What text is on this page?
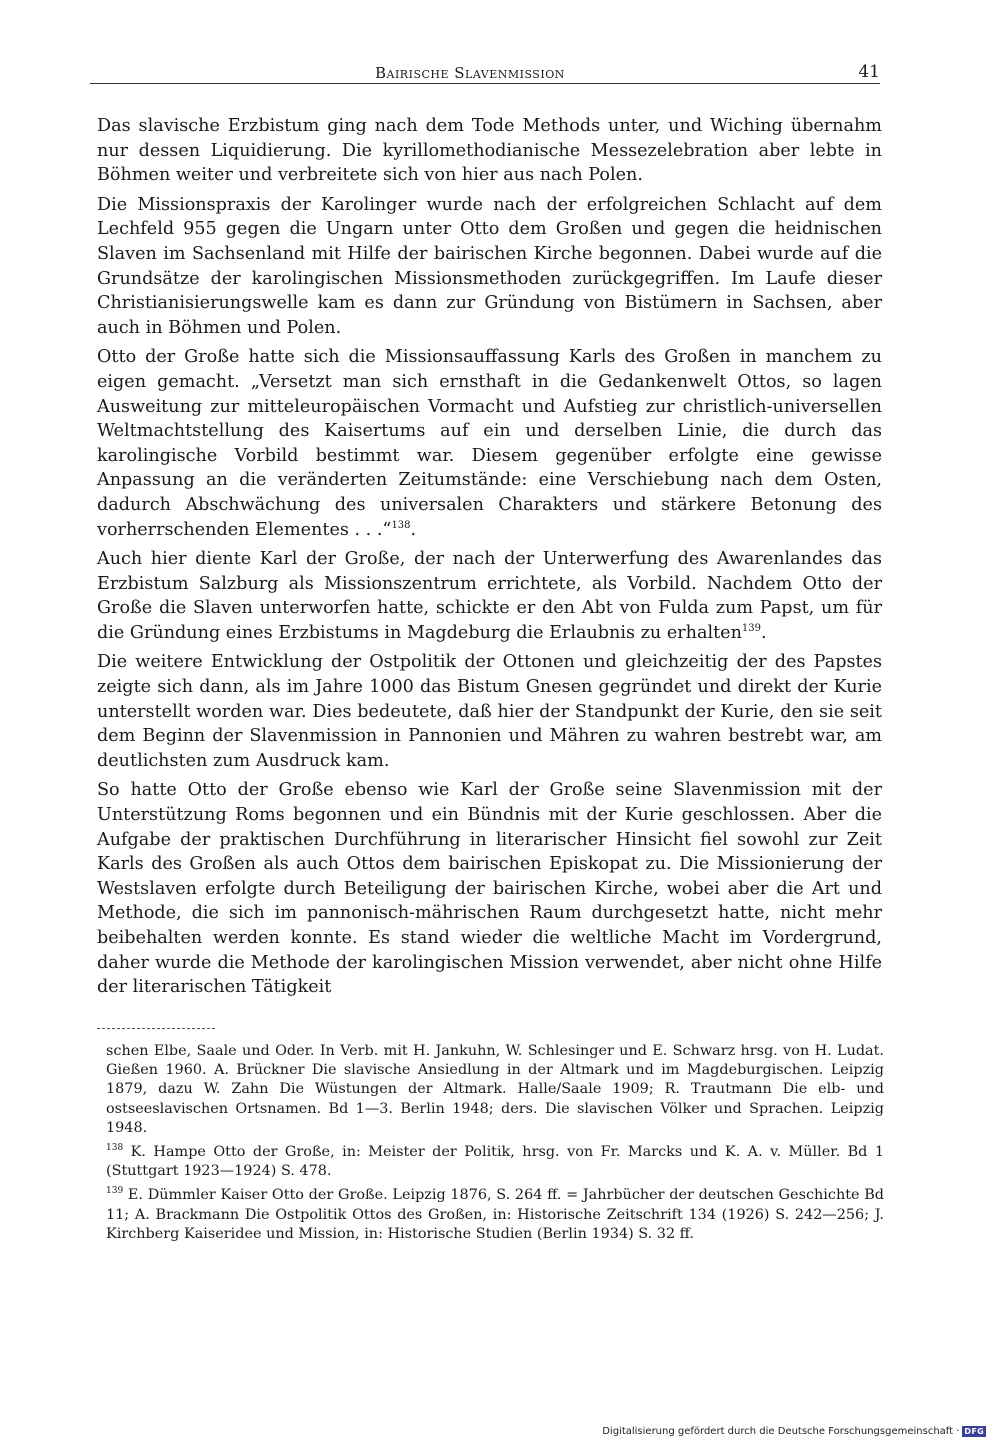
Bairische Slavenmission	41

Das slavische Erzbistum ging nach dem Tode Methods unter, und Wiching übernahm nur dessen Liquidierung. Die kyrillomethodianische Messezelebration aber lebte in Böhmen weiter und verbreitete sich von hier aus nach Polen.

Die Missionspraxis der Karolinger wurde nach der erfolgreichen Schlacht auf dem Lechfeld 955 gegen die Ungarn unter Otto dem Großen und gegen die heidnischen Slaven im Sachsenland mit Hilfe der bairischen Kirche begonnen. Dabei wurde auf die Grundsätze der karolingischen Missionsmethoden zurückgegriffen. Im Laufe dieser Christianisierungswelle kam es dann zur Gründung von Bistümern in Sachsen, aber auch in Böhmen und Polen.

Otto der Große hatte sich die Missionsauffassung Karls des Großen in manchem zu eigen gemacht. „Versetzt man sich ernsthaft in die Gedankenwelt Ottos, so lagen Ausweitung zur mitteleuropäischen Vormacht und Aufstieg zur christlich-universellen Weltmachtstellung des Kaisertums auf ein und derselben Linie, die durch das karolingische Vorbild bestimmt war. Diesem gegenüber erfolgte eine gewisse Anpassung an die veränderten Zeitumstände: eine Verschiebung nach dem Osten, dadurch Abschwächung des universalen Charakters und stärkere Betonung des vorherrschenden Elementes . . .“$^{138}$.

Auch hier diente Karl der Große, der nach der Unterwerfung des Awarenlandes das Erzbistum Salzburg als Missionszentrum errichtete, als Vorbild. Nachdem Otto der Große die Slaven unterworfen hatte, schickte er den Abt von Fulda zum Papst, um für die Gründung eines Erzbistums in Magdeburg die Erlaubnis zu erhalten$^{139}$.

Die weitere Entwicklung der Ostpolitik der Ottonen und gleichzeitig der des Papstes zeigte sich dann, als im Jahre 1000 das Bistum Gnesen gegründet und direkt der Kurie unterstellt worden war. Dies bedeutete, daß hier der Standpunkt der Kurie, den sie seit dem Beginn der Slavenmission in Pannonien und Mähren zu wahren bestrebt war, am deutlichsten zum Ausdruck kam.

So hatte Otto der Große ebenso wie Karl der Große seine Slavenmission mit der Unterstützung Roms begonnen und ein Bündnis mit der Kurie geschlossen. Aber die Aufgabe der praktischen Durchführung in literarischer Hinsicht fiel sowohl zur Zeit Karls des Großen als auch Ottos dem bairischen Episkopat zu. Die Missionierung der Westslaven erfolgte durch Beteiligung der bairischen Kirche, wobei aber die Art und Methode, die sich im pannonisch-mährischen Raum durchgesetzt hatte, nicht mehr beibehalten werden konnte. Es stand wieder die weltliche Macht im Vordergrund, daher wurde die Methode der karolingischen Mission verwendet, aber nicht ohne Hilfe der literarischen Tätigkeit

schen Elbe, Saale und Oder. In Verb. mit H. Jankuhn, W. Schlesinger und E. Schwarz hrsg. von H. Ludat. Gießen 1960. A. Brückner Die slavische Ansiedlung in der Altmark und im Magdeburgischen. Leipzig 1879, dazu W. Zahn Die Wüstungen der Altmark. Halle/Saale 1909; R. Trautmann Die elb- und ostseeslavischen Ortsnamen. Bd 1—3. Berlin 1948; ders. Die slavischen Völker und Sprachen. Leipzig 1948.

$^{138}$ K. Hampe Otto der Große, in: Meister der Politik, hrsg. von Fr. Marcks und K. A. v. Müller. Bd 1 (Stuttgart 1923—1924) S. 478.

$^{139}$ E. Dümmler Kaiser Otto der Große. Leipzig 1876, S. 264 ff. = Jahrbücher der deutschen Geschichte Bd 11; A. Brackmann Die Ostpolitik Ottos des Großen, in: Historische Zeitschrift 134 (1926) S. 242—256; J. Kirchberg Kaiseridee und Mission, in: Historische Studien (Berlin 1934) S. 32 ff.

Digitalisierung gefördert durch die Deutsche Forschungsgemeinschaft · DFG
